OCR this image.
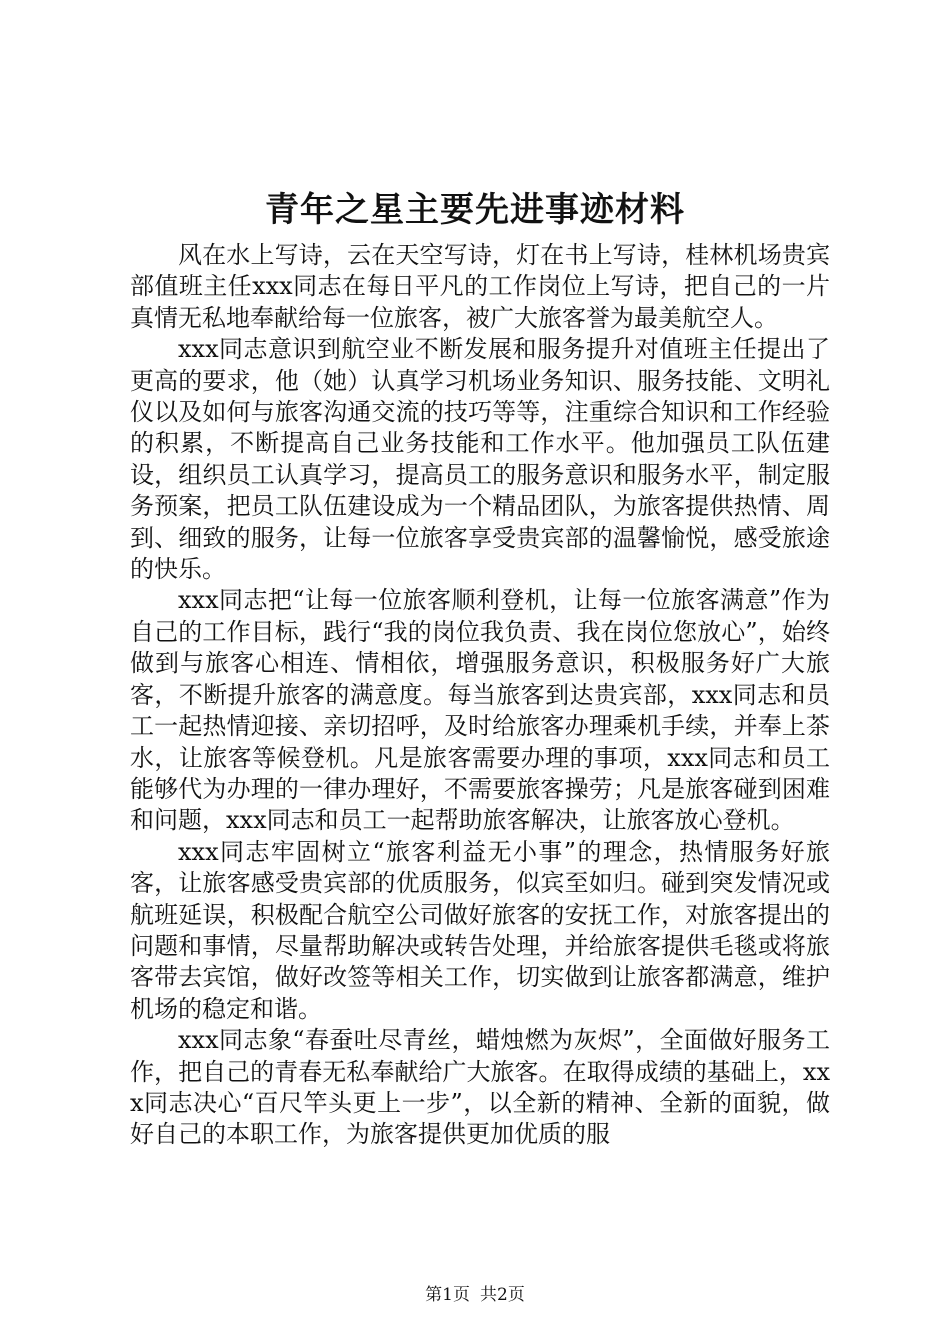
青年之星主要先进事迹材料

风在水上写诗，云在天空写诗，灯在书上写诗，桂林机场贵宾部值班主任xxx同志在每日平凡的工作岗位上写诗，把自己的一片真情无私地奉献给每一位旅客，被广大旅客誉为最美航空人。

xxx同志意识到航空业不断发展和服务提升对值班主任提出了更高的要求，他（她）认真学习机场业务知识、服务技能、文明礼仪以及如何与旅客沟通交流的技巧等等，注重综合知识和工作经验的积累，不断提高自己业务技能和工作水平。他加强员工队伍建设，组织员工认真学习，提高员工的服务意识和服务水平，制定服务预案，把员工队伍建设成为一个精品团队，为旅客提供热情、周到、细致的服务，让每一位旅客享受贵宾部的温馨愉悦，感受旅途的快乐。

xxx同志把“让每一位旅客顺利登机，让每一位旅客满意”作为自己的工作目标，践行“我的岗位我负责、我在岗位您放心”，始终做到与旅客心相连、情相依，增强服务意识，积极服务好广大旅客，不断提升旅客的满意度。每当旅客到达贵宾部，xxx同志和员工一起热情迎接、亲切招呼，及时给旅客办理乘机手续，并奉上茶水，让旅客等候登机。凡是旅客需要办理的事项，xxx同志和员工能够代为办理的一律办理好，不需要旅客操劳；凡是旅客碰到困难和问题，xxx同志和员工一起帮助旅客解决，让旅客放心登机。

xxx同志牢固树立“旅客利益无小事”的理念，热情服务好旅客，让旅客感受贵宾部的优质服务，似宾至如归。碰到突发情况或航班延误，积极配合航空公司做好旅客的安抚工作，对旅客提出的问题和事情，尽量帮助解决或转告处理，并给旅客提供毛毯或将旅客带去宾馆，做好改签等相关工作，切实做到让旅客都满意，维护机场的稳定和谐。

xxx同志象“春蚕吐尽青丝，蜡烛燃为灰烬”，全面做好服务工作，把自己的青春无私奉献给广大旅客。在取得成绩的基础上，xxx同志决心“百尺竿头更上一步”，以全新的精神、全新的面貌，做好自己的本职工作，为旅客提供更加优质的服

第1页 共2页
